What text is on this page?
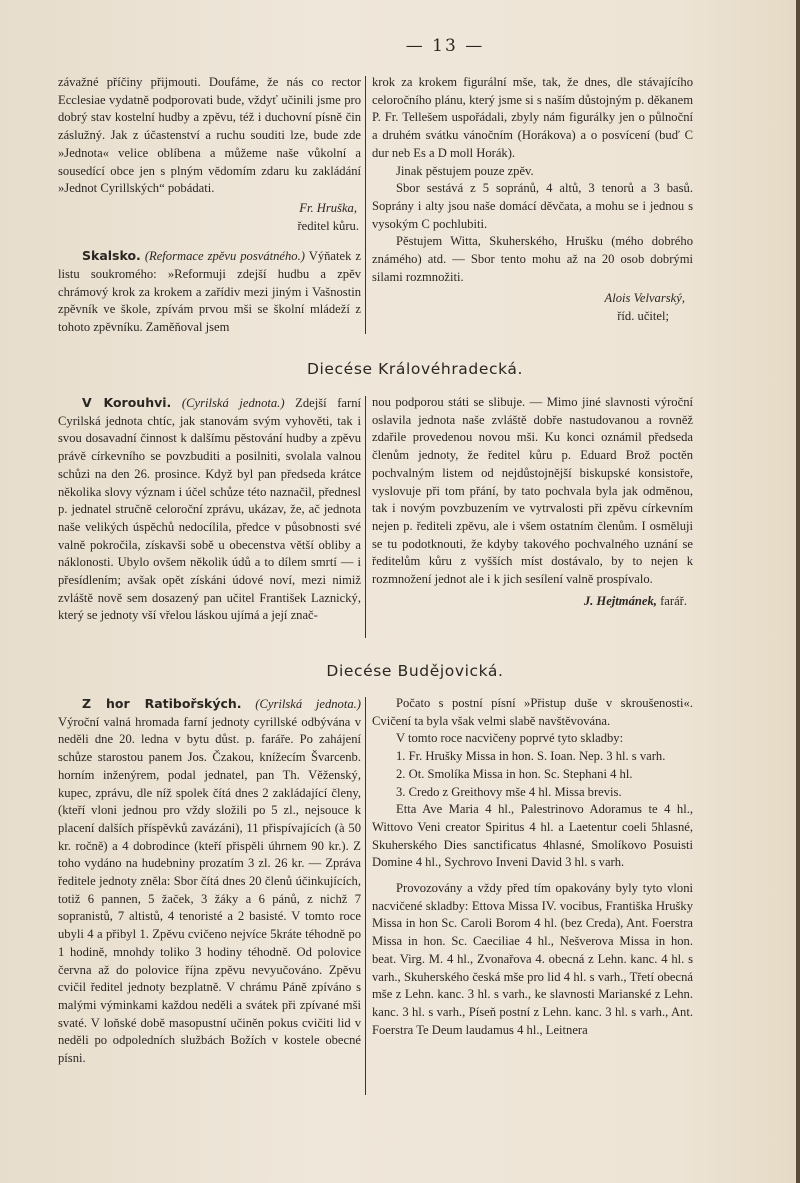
— 13 —

závažné příčiny přijmouti. Doufáme, že nás co rector Ecclesiae vydatně podporovati bude, vždyť učinili jsme pro dobrý stav kostelní hudby a zpěvu, též i duchovní písně čin záslužný. Jak z účastenství a ruchu souditi lze, bude zde »Jednota« velice oblíbena a můžeme naše vůkolní a sousedící obce jen s plným vědomím zdaru ku zakládání »Jednot Cyrillských“ pobádati.

Fr. Hruška,

ředitel kůru.

Skalsko. (Reformace zpěvu posvátného.) Výňatek z listu soukromého: »Reformuji zdejší hudbu a zpěv chrámový krok za krokem a zařídiv mezi jiným i Vašnostin zpěvník ve škole, zpívám prvou mši se školní mládeží z tohoto zpěvníku. Zaměňoval jsem

krok za krokem figurální mše, tak, že dnes, dle stávajícího celoročního plánu, který jsme si s naším důstojným p. děkanem P. Fr. Tellešem uspořádali, zbyly nám figurálky jen o půlnoční a druhém svátku vánočním (Horákova) a o posvícení (buď C dur neb Es a D moll Horák).

Jinak pěstujem pouze zpěv.

Sbor sestává z 5 sopránů, 4 altů, 3 tenorů a 3 basů. Soprány i alty jsou naše domácí děvčata, a mohu se i jednou s vysokým C pochlubiti.

Pěstujem Witta, Skuherského, Hrušku (mého dobrého známého) atd. — Sbor tento mohu až na 20 osob dobrými silami rozmnožiti.

Alois Velvarský,

říd. učitel;

Diecése Královéhradecká.

V Korouhvi. (Cyrilská jednota.) Zdejší farní Cyrilská jednota chtíc, jak stanovám svým vyhověti, tak i svou dosavadní činnost k dalšímu pěstování hudby a zpěvu právě církevního se povzbuditi a posilniti, svolala valnou schůzi na den 26. prosince. Když byl pan předseda krátce několika slovy význam i účel schůze této naznačil, přednesl p. jednatel stručně celoroční zprávu, ukázav, že, ač jednota naše velikých úspěchů nedocílila, předce v působnosti své valně pokročila, získavši sobě u obecenstva větší obliby a náklonosti. Ubylo ovšem několik údů a to dílem smrtí — i přesídlením; avšak opět získáni údové noví, mezi nimiž zvláště nově sem dosazený pan učitel František Laznický, který se jednoty vší vřelou láskou ujímá a její znač-

nou podporou státi se slibuje. — Mimo jiné slavnosti výroční oslavila jednota naše zvláště dobře nastudovanou a rovněž zdařile provedenou novou mši. Ku konci oznámil předseda členům jednoty, že ředitel kůru p. Eduard Brož poctěn pochvalným listem od nejdůstojnější biskupské konsistoře, vyslovuje při tom přání, by tato pochvala byla jak odměnou, tak i novým povzbuzením ve vytrvalosti při zpěvu církevním nejen p. řediteli zpěvu, ale i všem ostatním členům. I osměluji se tu podotknouti, že kdyby takového pochvalného uznání se ředitelům kůru z vyšších míst dostávalo, by to nejen k rozmnožení jednot ale i k jich sesílení valně prospívalo.

J. Hejtmánek, farář.

Diecése Budějovická.

Z hor Ratibořských. (Cyrilská jednota.) Výroční valná hromada farní jednoty cyrillské odbývána v neděli dne 20. ledna v bytu důst. p. faráře. Po zahájení schůze starostou panem Jos. Čzakou, knížecím Švarcenb. horním inženýrem, podal jednatel, pan Th. Věženský, kupec, zprávu, dle níž spolek čítá dnes 2 zakládající členy, (kteří vloni jednou pro vždy složili po 5 zl., nejsouce k placení dalších příspěvků zavázáni), 11 přispívajících (à 50 kr. ročně) a 4 dobrodince (kteří přispěli úhrnem 90 kr.). Z toho vydáno na hudebniny prozatím 3 zl. 26 kr. — Zpráva ředitele jednoty zněla: Sbor čítá dnes 20 členů účinkujících, totiž 6 pannen, 5 žaček, 3 žáky a 6 pánů, z nichž 7 sopranistů, 7 altistů, 4 tenoristé a 2 basisté. V tomto roce ubyli 4 a přibyl 1. Zpěvu cvičeno nejvíce 5kráte téhodně po 1 hodině, mnohdy toliko 3 hodiny téhodně. Od polovice června až do polovice října zpěvu nevyučováno. Zpěvu cvičil ředitel jednoty bezplatně. V chrámu Páně zpíváno s malými výminkami každou neděli a svátek při zpívané mši svaté. V loňské době masopustní učiněn pokus cvičiti lid v neděli po odpoledních službách Božích v kostele obecné písni.

Počato s postní písní »Přistup duše v skroušenosti«. Cvičení ta byla však velmi slabě navštěvována.

V tomto roce nacvičeny poprvé tyto skladby:

1. Fr. Hrušky Missa in hon. S. Ioan. Nep. 3 hl. s varh.

2. Ot. Smolíka Missa in hon. Sc. Stephani 4 hl.

3. Credo z Greithovy mše 4 hl. Missa brevis.

Etta Ave Maria 4 hl., Palestrinovo Adoramus te 4 hl., Wittovo Veni creator Spiritus 4 hl. a Laetentur coeli 5hlasné, Skuherského Dies sanctificatus 4hlasné, Smolíkovo Posuisti Domine 4 hl., Sychrovo Inveni David 3 hl. s varh.

Provozovány a vždy před tím opakovány byly tyto vloni nacvičené skladby: Ettova Missa IV. vocibus, Františka Hrušky Missa in hon Sc. Caroli Borom 4 hl. (bez Creda), Ant. Foerstra Missa in hon. Sc. Caeciliae 4 hl., Nešverova Missa in hon. beat. Virg. M. 4 hl., Zvonařova 4. obecná z Lehn. kanc. 4 hl. s varh., Skuherského česká mše pro lid 4 hl. s varh., Třetí obecná mše z Lehn. kanc. 3 hl. s varh., ke slavnosti Marianské z Lehn. kanc. 3 hl. s varh., Píseň postní z Lehn. kanc. 3 hl. s varh., Ant. Foerstra Te Deum laudamus 4 hl., Leitnera
